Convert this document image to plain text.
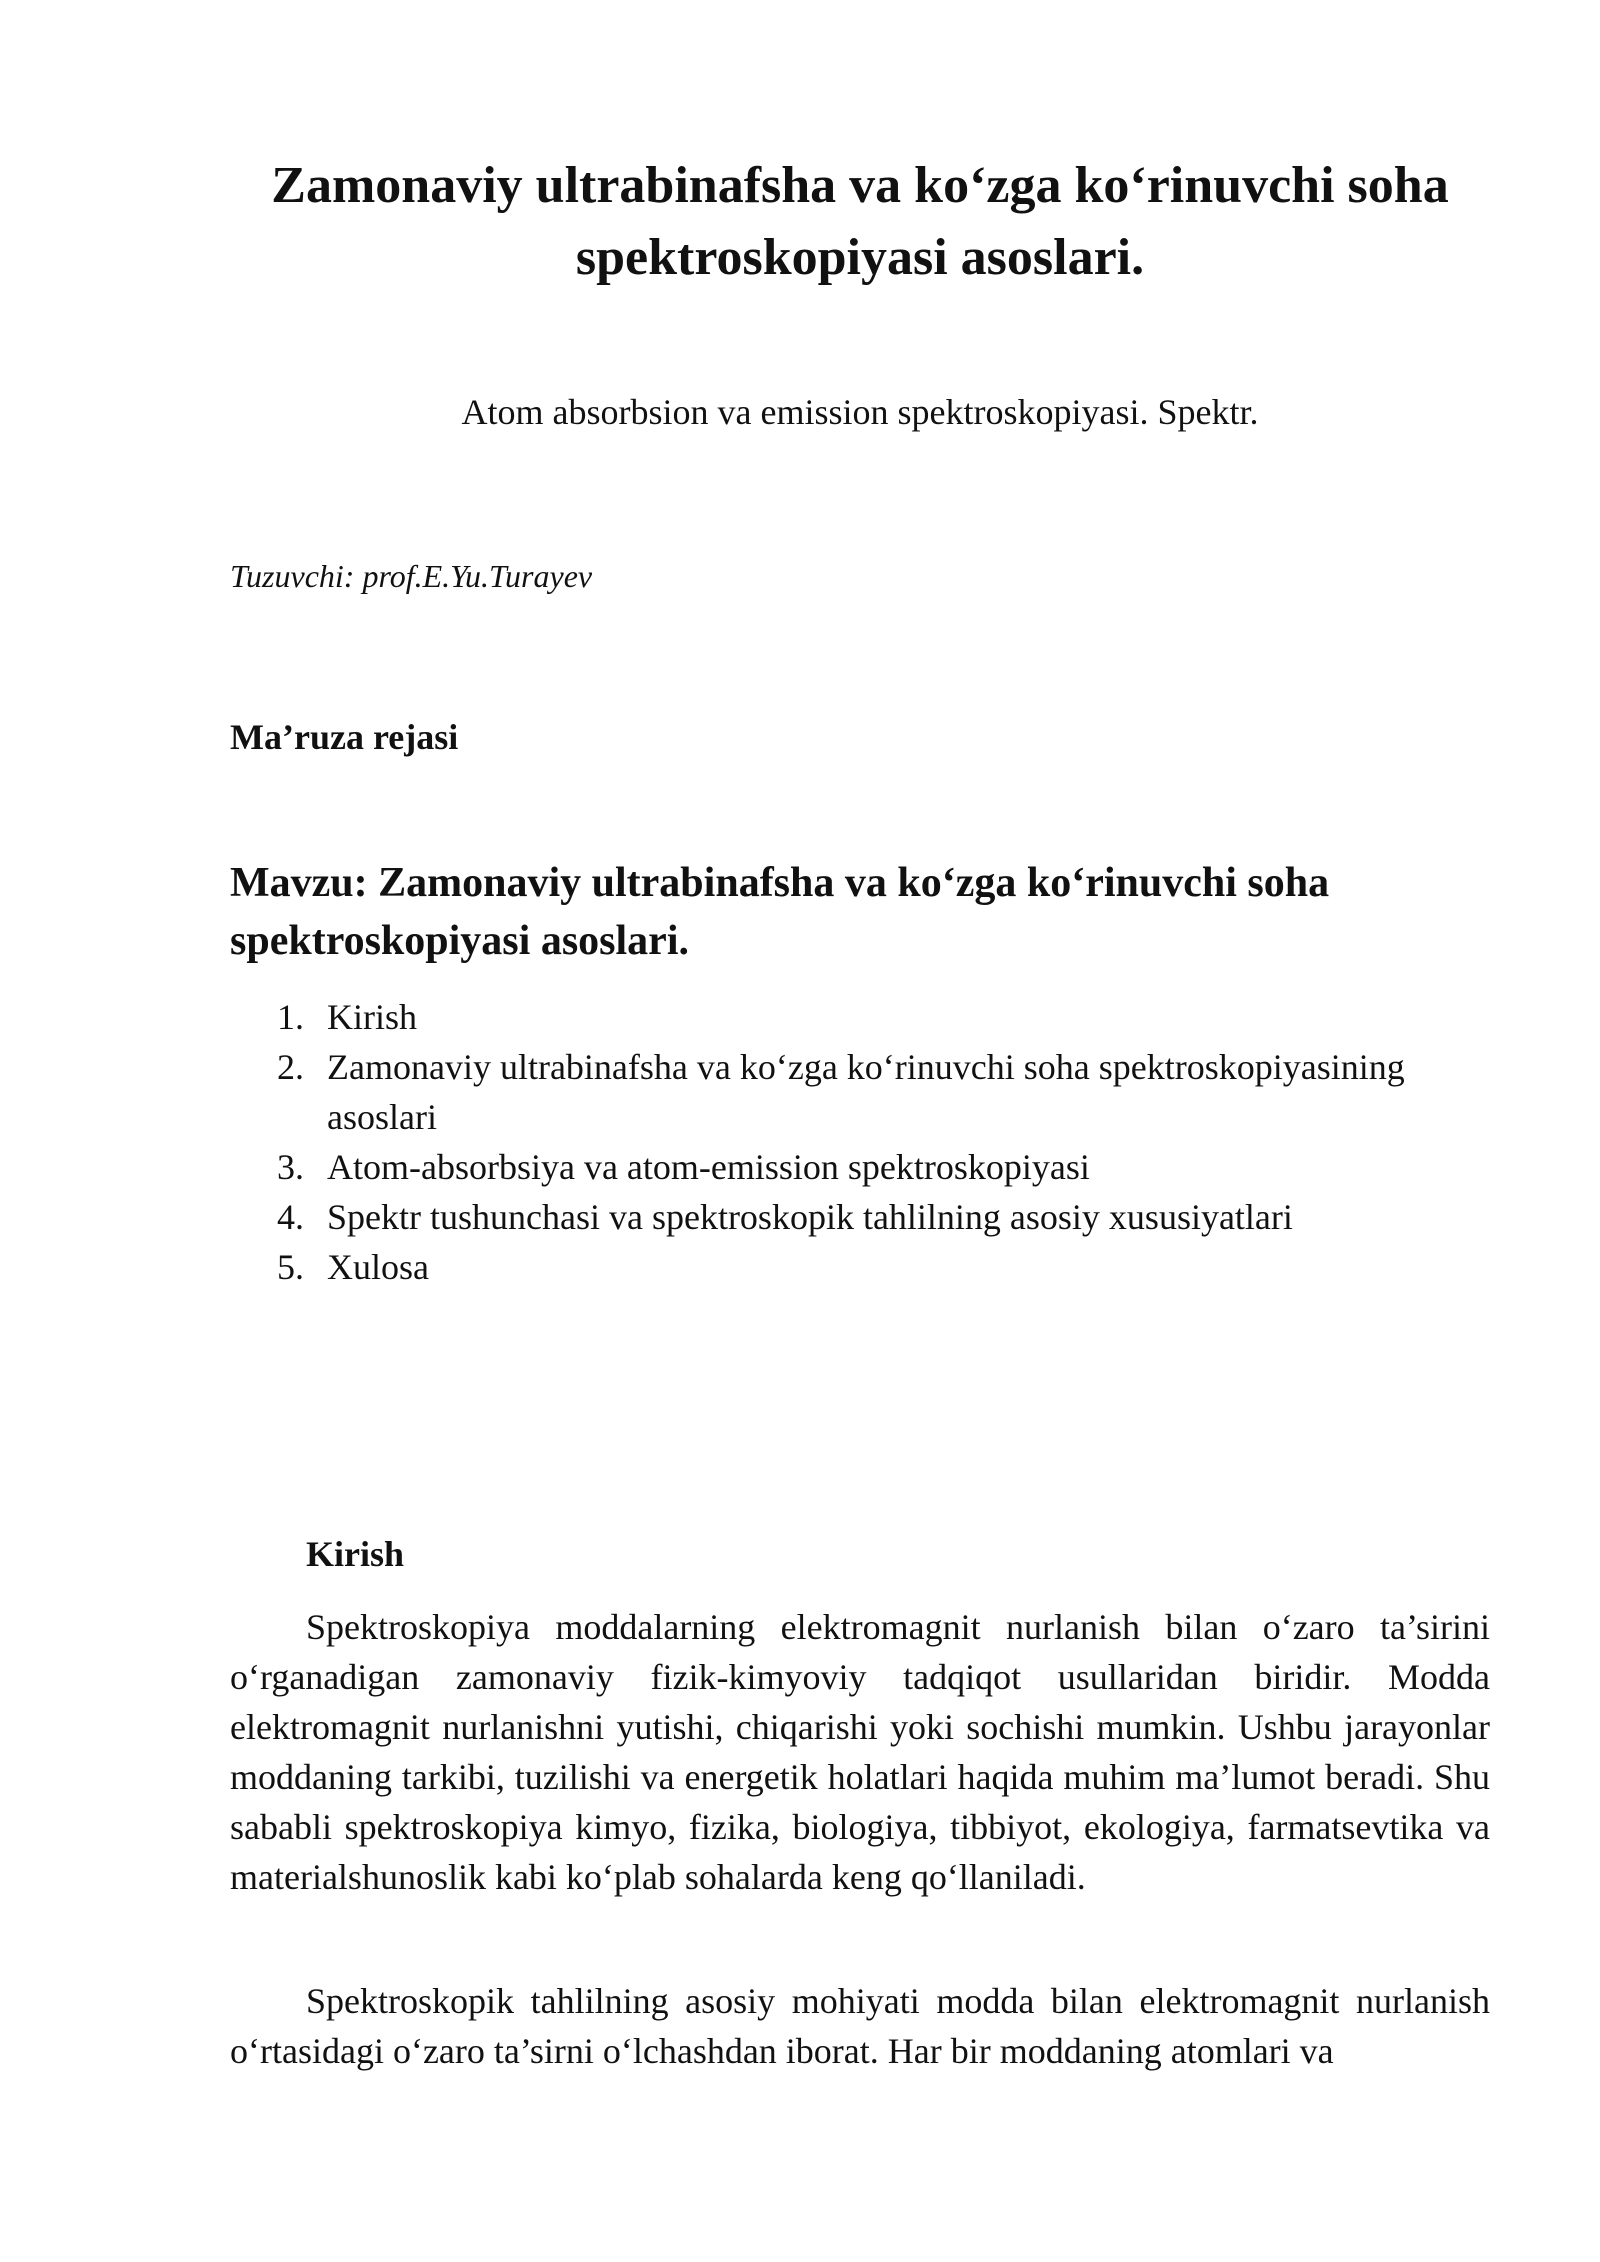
Zamonaviy ultrabinafsha va ko‘zga ko‘rinuvchi soha spektroskopiyasi asoslari.

Atom absorbsion va emission spektroskopiyasi. Spektr.

Tuzuvchi: prof.E.Yu.Turayev

Ma’ruza rejasi
Mavzu: Zamonaviy ultrabinafsha va ko‘zga ko‘rinuvchi soha spektroskopiyasi asoslari.
1. Kirish
2. Zamonaviy ultrabinafsha va ko‘zga ko‘rinuvchi soha spektroskopiyasining asoslari
3. Atom-absorbsiya va atom-emission spektroskopiyasi
4. Spektr tushunchasi va spektroskopik tahlilning asosiy xususiyatlari
5. Xulosa
Kirish

Spektroskopiya moddalarning elektromagnit nurlanish bilan o‘zaro ta’sirini o‘rganadigan zamonaviy fizik-kimyoviy tadqiqot usullaridan biridir. Modda elektromagnit nurlanishni yutishi, chiqarishi yoki sochishi mumkin. Ushbu jarayonlar moddaning tarkibi, tuzilishi va energetik holatlari haqida muhim ma’lumot beradi. Shu sababli spektroskopiya kimyo, fizika, biologiya, tibbiyot, ekologiya, farmatsevtika va materialshunoslik kabi ko‘plab sohalarda keng qo‘llaniladi.

Spektroskopik tahlilning asosiy mohiyati modda bilan elektromagnit nurlanish o‘rtasidagi o‘zaro ta’sirni o‘lchashdan iborat. Har bir moddaning atomlari va
